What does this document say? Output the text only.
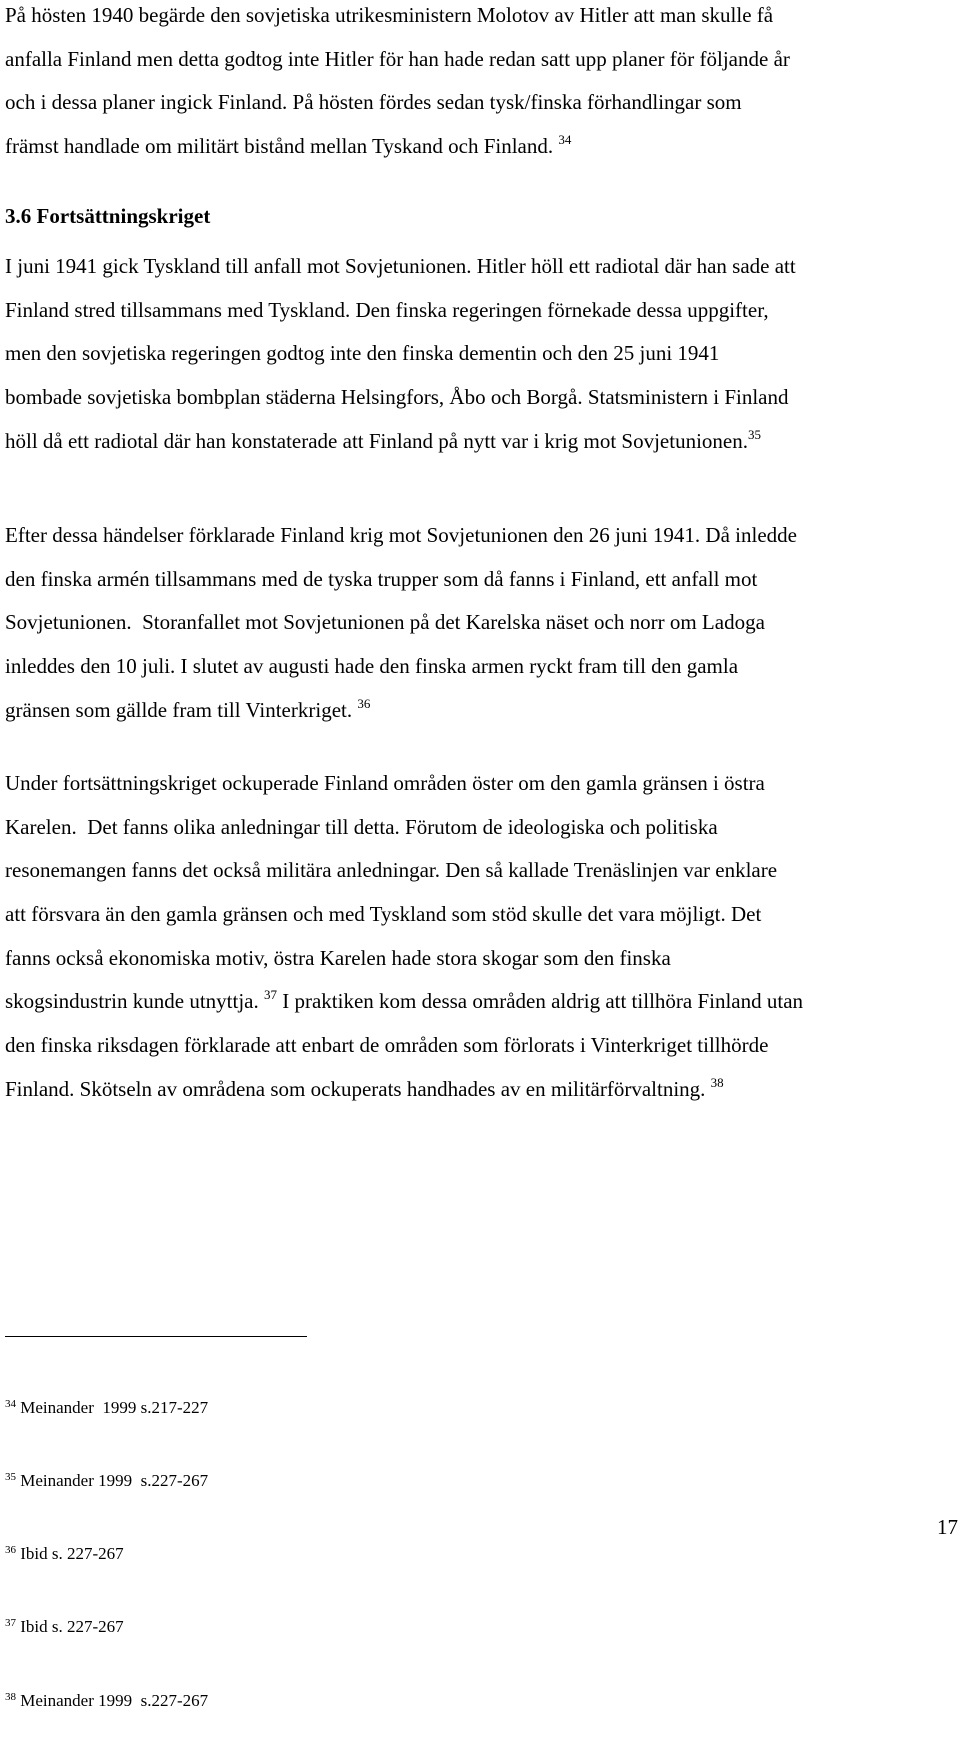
På hösten 1940 begärde den sovjetiska utrikesministern Molotov av Hitler att man skulle få
anfalla Finland men detta godtog inte Hitler för han hade redan satt upp planer för följande år
och i dessa planer ingick Finland. På hösten fördes sedan tysk/finska förhandlingar som
främst handlade om militärt bistånd mellan Tyskand och Finland. $^{34}$

3.6 Fortsättningskriget

I juni 1941 gick Tyskland till anfall mot Sovjetunionen. Hitler höll ett radiotal där han sade att
Finland stred tillsammans med Tyskland. Den finska regeringen förnekade dessa uppgifter,
men den sovjetiska regeringen godtog inte den finska dementin och den 25 juni 1941
bombade sovjetiska bombplan städerna Helsingfors, Åbo och Borgå. Statsministern i Finland
höll då ett radiotal där han konstaterade att Finland på nytt var i krig mot Sovjetunionen.$^{35}$

Efter dessa händelser förklarade Finland krig mot Sovjetunionen den 26 juni 1941. Då inledde
den finska armén tillsammans med de tyska trupper som då fanns i Finland, ett anfall mot
Sovjetunionen.  Storanfallet mot Sovjetunionen på det Karelska näset och norr om Ladoga
inleddes den 10 juli. I slutet av augusti hade den finska armen ryckt fram till den gamla
gränsen som gällde fram till Vinterkriget. $^{36}$

Under fortsättningskriget ockuperade Finland områden öster om den gamla gränsen i östra
Karelen.  Det fanns olika anledningar till detta. Förutom de ideologiska och politiska
resonemangen fanns det också militära anledningar. Den så kallade Trenäslinjen var enklare
att försvara än den gamla gränsen och med Tyskland som stöd skulle det vara möjligt. Det
fanns också ekonomiska motiv, östra Karelen hade stora skogar som den finska
skogsindustrin kunde utnyttja. $^{37}$ I praktiken kom dessa områden aldrig att tillhöra Finland utan
den finska riksdagen förklarade att enbart de områden som förlorats i Vinterkriget tillhörde
Finland. Skötseln av områdena som ockuperats handhades av en militärförvaltning. $^{38}$

$^{34}$ Meinander  1999 s.217-227

$^{35}$ Meinander 1999  s.227-267

$^{36}$ Ibid s. 227-267

$^{37}$ Ibid s. 227-267

$^{38}$ Meinander 1999  s.227-267

17
